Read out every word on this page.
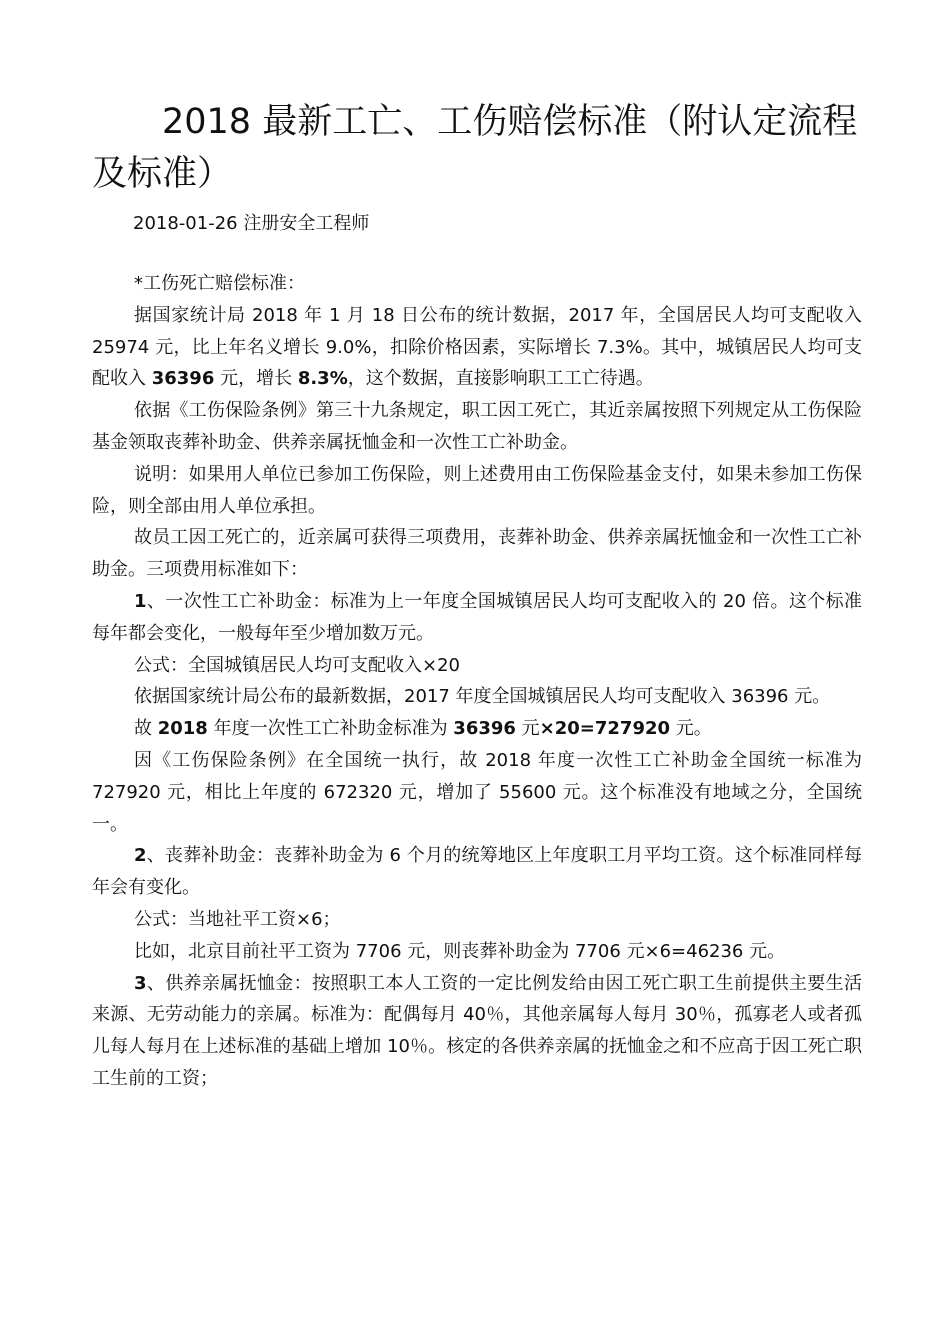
2018 最新工亡、工伤赔偿标准（附认定流程及标准）
2018-01-26 注册安全工程师

*工伤死亡赔偿标准：

据国家统计局 2018 年 1 月 18 日公布的统计数据，2017 年，全国居民人均可支配收入 25974 元，比上年名义增长 9.0%，扣除价格因素，实际增长 7.3%。其中，城镇居民人均可支配收入 36396 元，增长 8.3%，这个数据，直接影响职工工亡待遇。

依据《工伤保险条例》第三十九条规定，职工因工死亡，其近亲属按照下列规定从工伤保险基金领取丧葬补助金、供养亲属抚恤金和一次性工亡补助金。

说明：如果用人单位已参加工伤保险，则上述费用由工伤保险基金支付，如果未参加工伤保险，则全部由用人单位承担。

故员工因工死亡的，近亲属可获得三项费用，丧葬补助金、供养亲属抚恤金和一次性工亡补助金。三项费用标准如下：

1、一次性工亡补助金：标准为上一年度全国城镇居民人均可支配收入的 20 倍。这个标准每年都会变化，一般每年至少增加数万元。

公式：全国城镇居民人均可支配收入×20

依据国家统计局公布的最新数据，2017 年度全国城镇居民人均可支配收入 36396 元。

故 2018 年度一次性工亡补助金标准为 36396 元×20=727920 元。

因《工伤保险条例》在全国统一执行，故 2018 年度一次性工亡补助金全国统一标准为 727920 元，相比上年度的 672320 元，增加了 55600 元。这个标准没有地域之分，全国统一。

2、丧葬补助金：丧葬补助金为 6 个月的统筹地区上年度职工月平均工资。这个标准同样每年会有变化。

公式：当地社平工资×6；

比如，北京目前社平工资为 7706 元，则丧葬补助金为 7706 元×6=46236 元。

3、供养亲属抚恤金：按照职工本人工资的一定比例发给由因工死亡职工生前提供主要生活来源、无劳动能力的亲属。标准为：配偶每月 40％，其他亲属每人每月 30％，孤寡老人或者孤儿每人每月在上述标准的基础上增加 10％。核定的各供养亲属的抚恤金之和不应高于因工死亡职工生前的工资；
